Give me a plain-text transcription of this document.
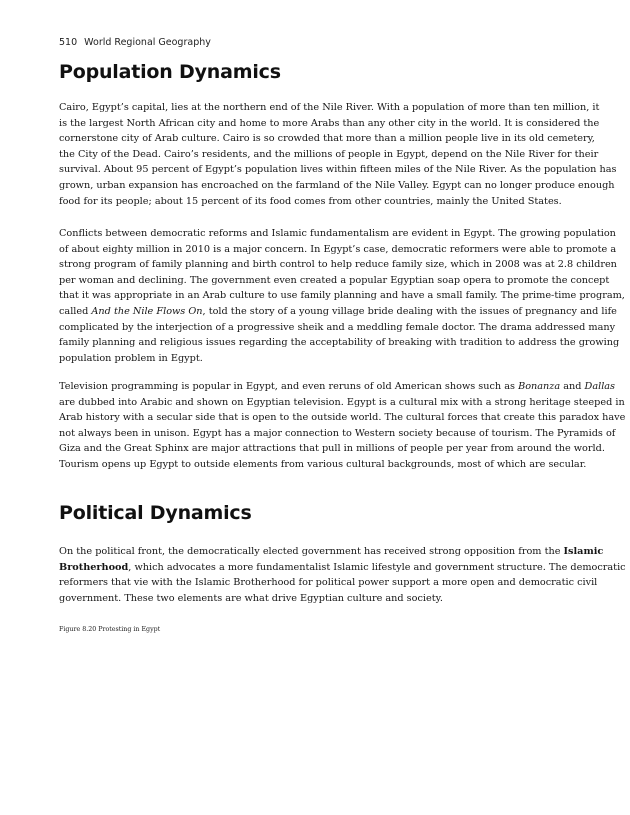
510 World Regional Geography
Population Dynamics
Cairo, Egypt’s capital, lies at the northern end of the Nile River. With a population of more than ten million, it
is the largest North African city and home to more Arabs than any other city in the world. It is considered the
cornerstone city of Arab culture. Cairo is so crowded that more than a million people live in its old cemetery,
the City of the Dead. Cairo’s residents, and the millions of people in Egypt, depend on the Nile River for their
survival. About 95 percent of Egypt’s population lives within fifteen miles of the Nile River. As the population has
grown, urban expansion has encroached on the farmland of the Nile Valley. Egypt can no longer produce enough
food for its people; about 15 percent of its food comes from other countries, mainly the United States.
Conflicts between democratic reforms and Islamic fundamentalism are evident in Egypt. The growing population
of about eighty million in 2010 is a major concern. In Egypt’s case, democratic reformers were able to promote a
strong program of family planning and birth control to help reduce family size, which in 2008 was at 2.8 children
per woman and declining. The government even created a popular Egyptian soap opera to promote the concept
that it was appropriate in an Arab culture to use family planning and have a small family. The prime-time program,
called And the Nile Flows On, told the story of a young village bride dealing with the issues of pregnancy and life
complicated by the interjection of a progressive sheik and a meddling female doctor. The drama addressed many
family planning and religious issues regarding the acceptability of breaking with tradition to address the growing
population problem in Egypt.
Television programming is popular in Egypt, and even reruns of old American shows such as Bonanza and Dallas
are dubbed into Arabic and shown on Egyptian television. Egypt is a cultural mix with a strong heritage steeped in
Arab history with a secular side that is open to the outside world. The cultural forces that create this paradox have
not always been in unison. Egypt has a major connection to Western society because of tourism. The Pyramids of
Giza and the Great Sphinx are major attractions that pull in millions of people per year from around the world.
Tourism opens up Egypt to outside elements from various cultural backgrounds, most of which are secular.
Political Dynamics
On the political front, the democratically elected government has received strong opposition from the Islamic
Brotherhood, which advocates a more fundamentalist Islamic lifestyle and government structure. The democratic
reformers that vie with the Islamic Brotherhood for political power support a more open and democratic civil
government. These two elements are what drive Egyptian culture and society.
Figure 8.20 Protesting in Egypt
